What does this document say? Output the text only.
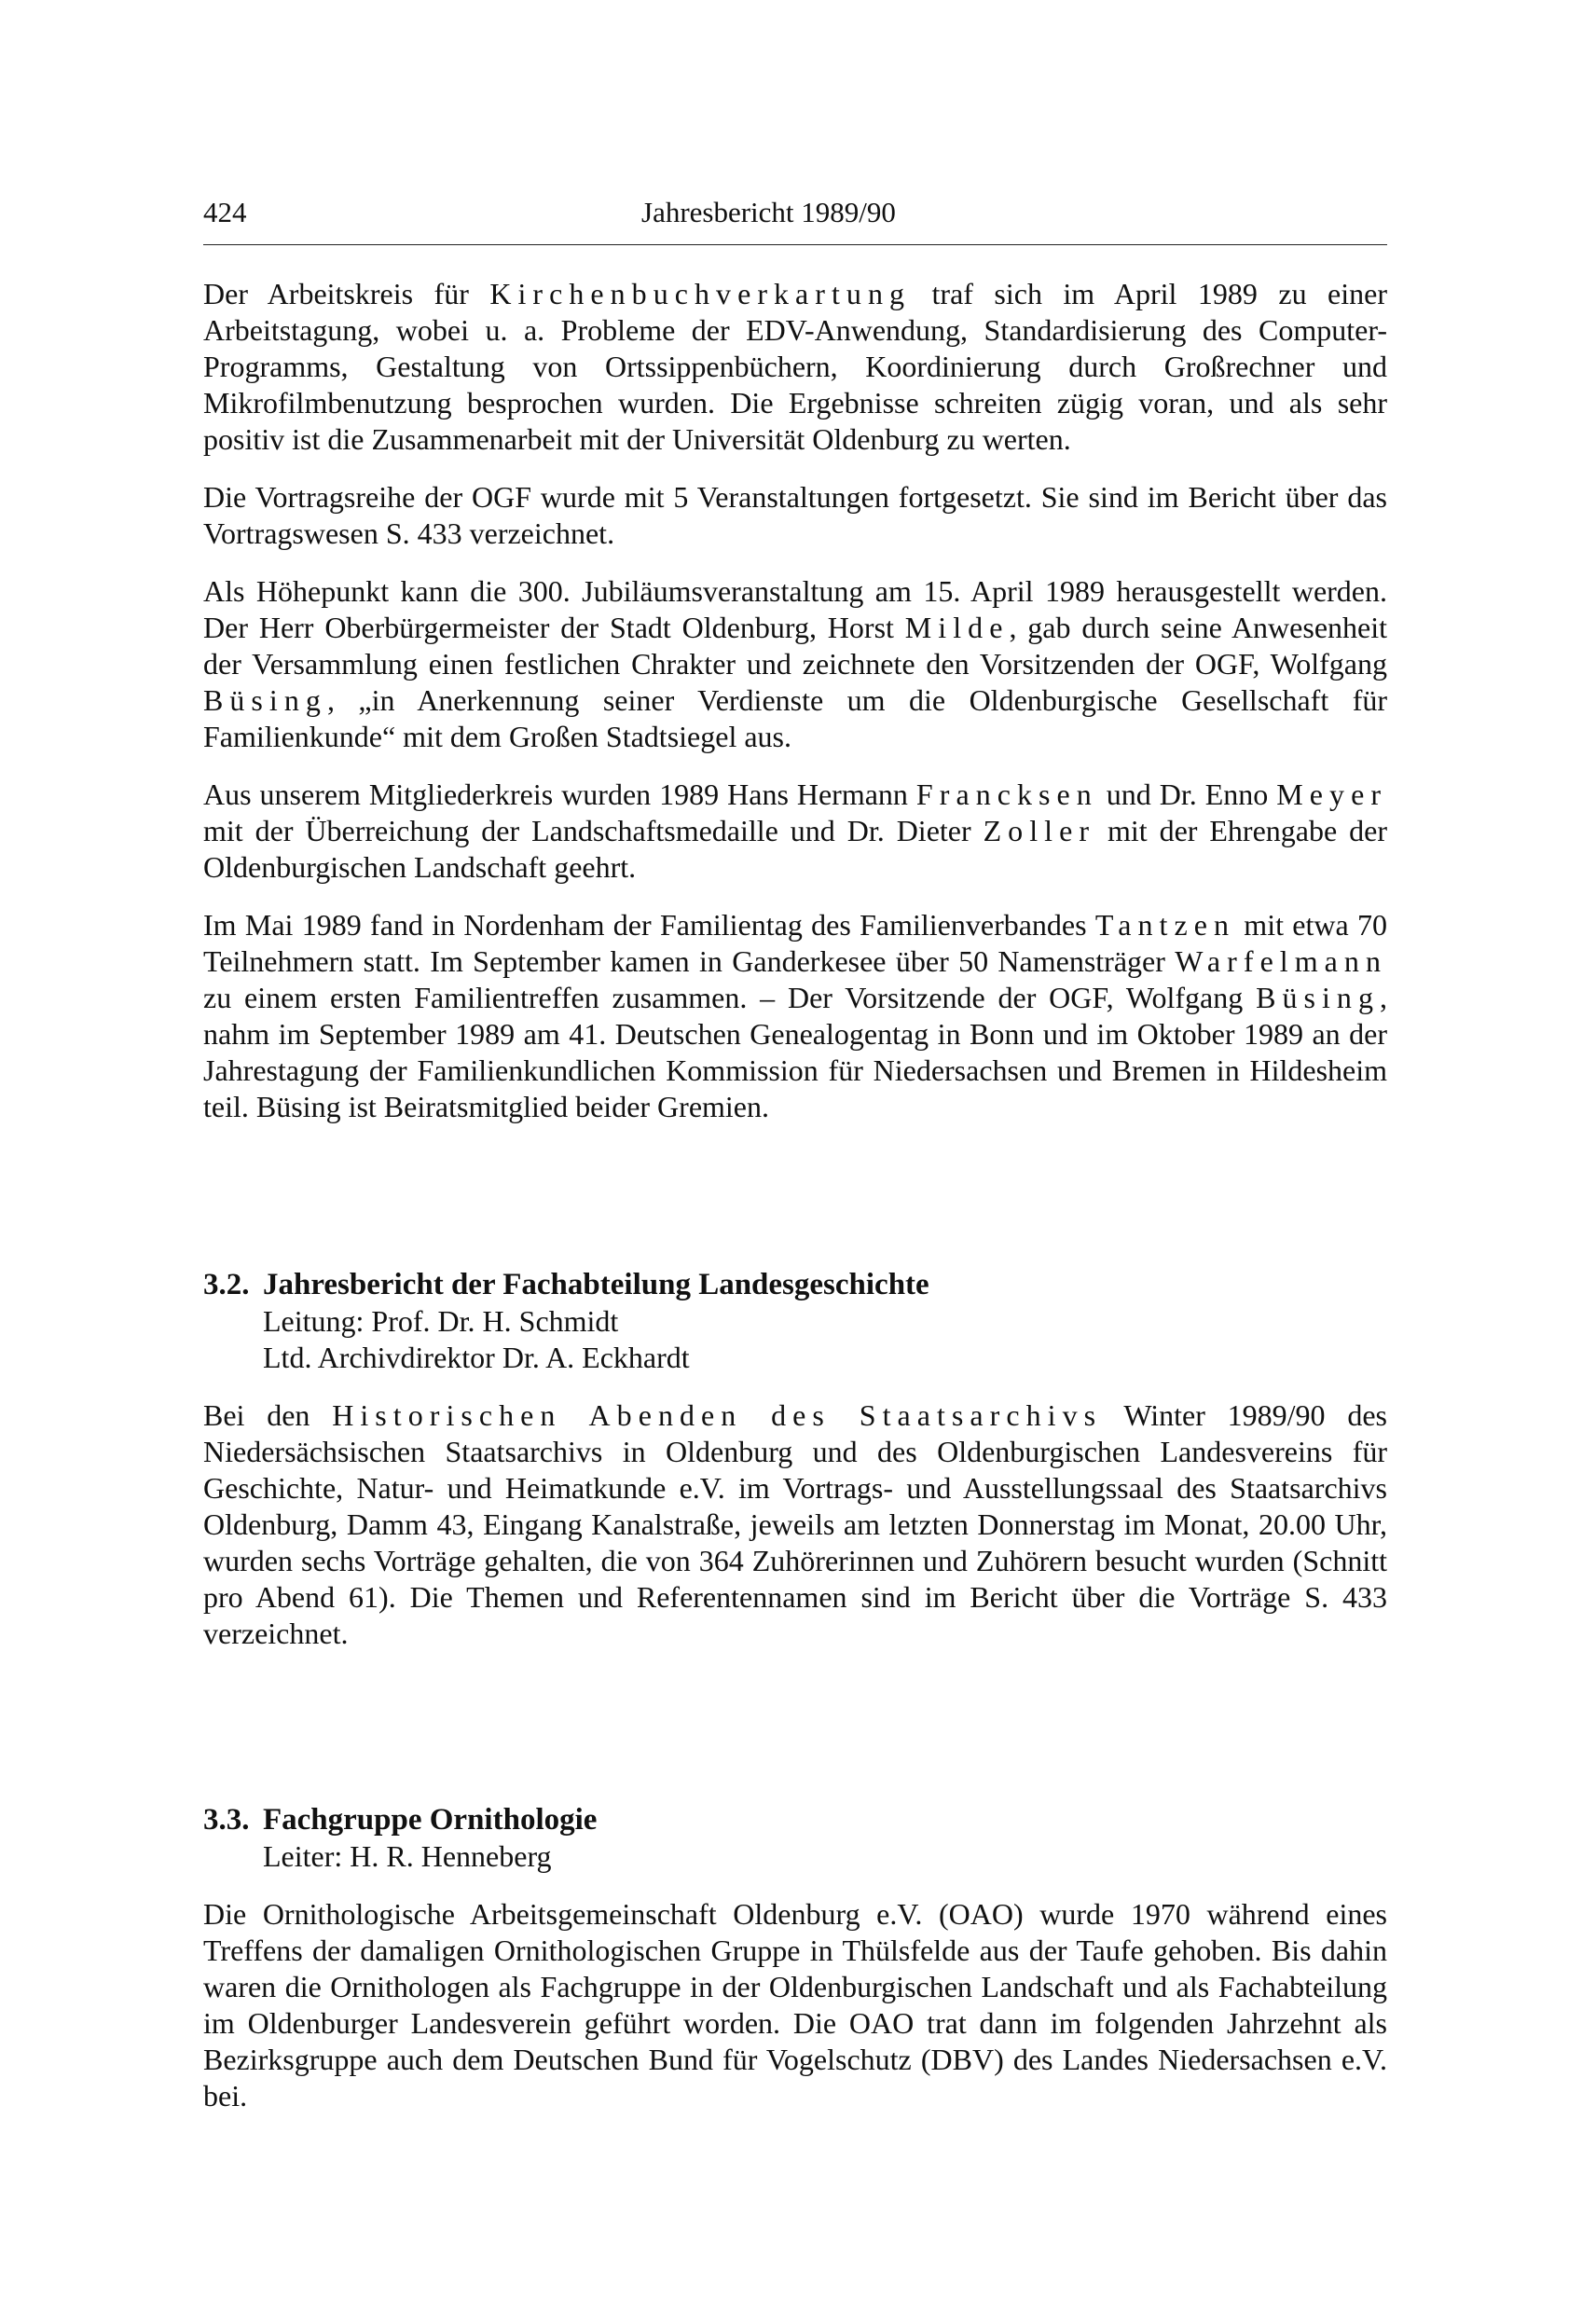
424	Jahresbericht 1989/90

Der Arbeitskreis für Kirchenbuchverkartung traf sich im April 1989 zu einer Arbeitstagung, wobei u. a. Probleme der EDV-Anwendung, Standardisierung des Computer-Programms, Gestaltung von Ortssippenbüchern, Koordinierung durch Großrechner und Mikrofilmbenutzung besprochen wurden. Die Ergebnisse schreiten zügig voran, und als sehr positiv ist die Zusammenarbeit mit der Universität Oldenburg zu werten.

Die Vortragsreihe der OGF wurde mit 5 Veranstaltungen fortgesetzt. Sie sind im Bericht über das Vortragswesen S. 433 verzeichnet.

Als Höhepunkt kann die 300. Jubiläumsveranstaltung am 15. April 1989 herausgestellt werden. Der Herr Oberbürgermeister der Stadt Oldenburg, Horst Milde, gab durch seine Anwesenheit der Versammlung einen festlichen Chrakter und zeichnete den Vorsitzenden der OGF, Wolfgang Büsing, „in Anerkennung seiner Verdienste um die Oldenburgische Gesellschaft für Familienkunde“ mit dem Großen Stadtsiegel aus.

Aus unserem Mitgliederkreis wurden 1989 Hans Hermann Francksen und Dr. Enno Meyer mit der Überreichung der Landschaftsmedaille und Dr. Dieter Zoller mit der Ehrengabe der Oldenburgischen Landschaft geehrt.

Im Mai 1989 fand in Nordenham der Familientag des Familienverbandes Tantzen mit etwa 70 Teilnehmern statt. Im September kamen in Ganderkesee über 50 Namensträger Warfelmann zu einem ersten Familientreffen zusammen. – Der Vorsitzende der OGF, Wolfgang Büsing, nahm im September 1989 am 41. Deutschen Genealogentag in Bonn und im Oktober 1989 an der Jahrestagung der Familienkundlichen Kommission für Niedersachsen und Bremen in Hildesheim teil. Büsing ist Beiratsmitglied beider Gremien.

3.2. Jahresbericht der Fachabteilung Landesgeschichte

Leitung: Prof. Dr. H. Schmidt

Ltd. Archivdirektor Dr. A. Eckhardt

Bei den Historischen Abenden des Staatsarchivs Winter 1989/90 des Niedersächsischen Staatsarchivs in Oldenburg und des Oldenburgischen Landesvereins für Geschichte, Natur- und Heimatkunde e.V. im Vortrags- und Ausstellungssaal des Staatsarchivs Oldenburg, Damm 43, Eingang Kanalstraße, jeweils am letzten Donnerstag im Monat, 20.00 Uhr, wurden sechs Vorträge gehalten, die von 364 Zuhörerinnen und Zuhörern besucht wurden (Schnitt pro Abend 61). Die Themen und Referentennamen sind im Bericht über die Vorträge S. 433 verzeichnet.

3.3. Fachgruppe Ornithologie

Leiter: H. R. Henneberg

Die Ornithologische Arbeitsgemeinschaft Oldenburg e.V. (OAO) wurde 1970 während eines Treffens der damaligen Ornithologischen Gruppe in Thülsfelde aus der Taufe gehoben. Bis dahin waren die Ornithologen als Fachgruppe in der Oldenburgischen Landschaft und als Fachabteilung im Oldenburger Landesverein geführt worden. Die OAO trat dann im folgenden Jahrzehnt als Bezirksgruppe auch dem Deutschen Bund für Vogelschutz (DBV) des Landes Niedersachsen e.V. bei.
